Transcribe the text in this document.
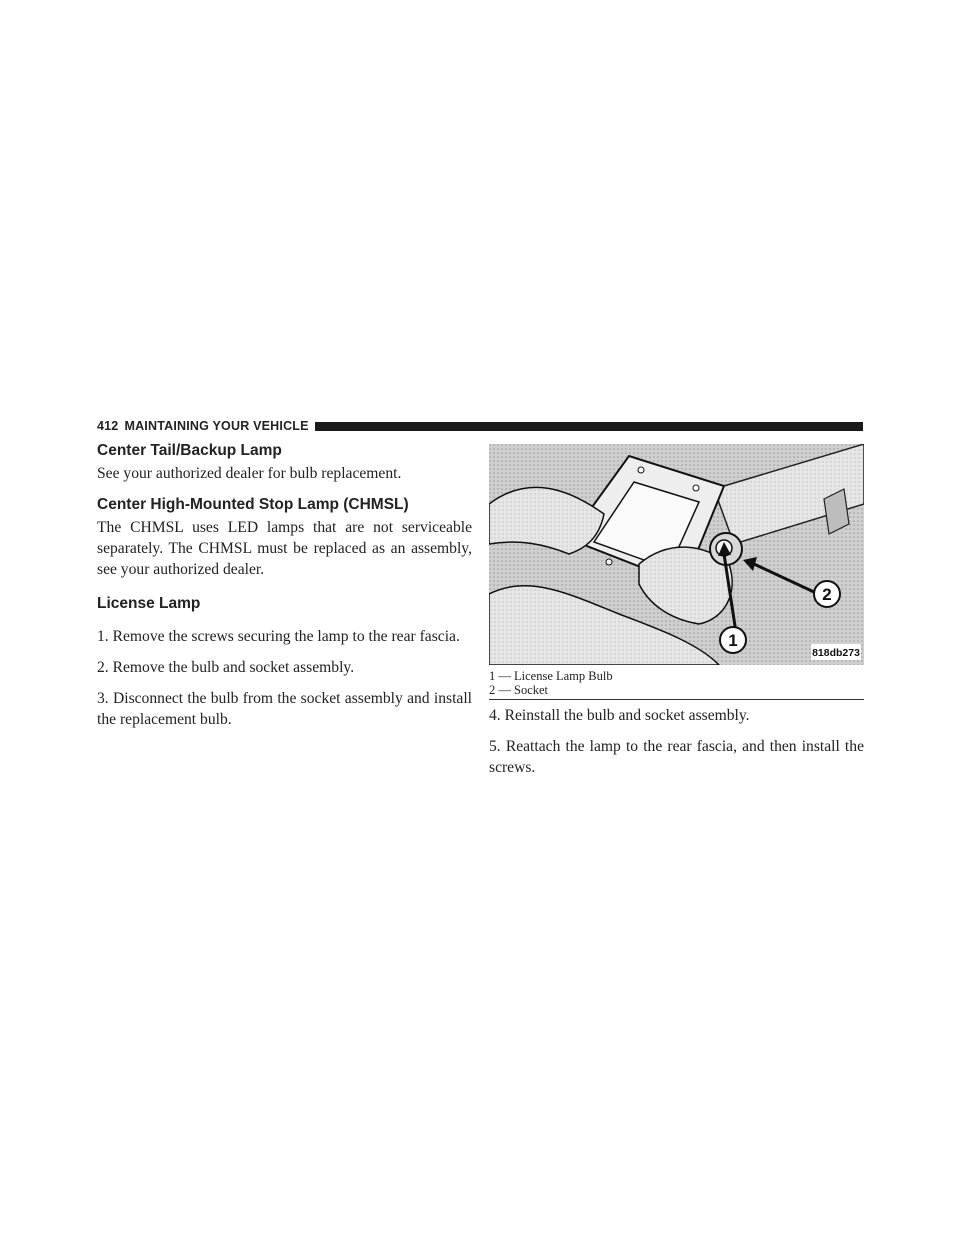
412 MAINTAINING YOUR VEHICLE
Center Tail/Backup Lamp

See your authorized dealer for bulb replacement.

Center High-Mounted Stop Lamp (CHMSL)

The CHMSL uses LED lamps that are not serviceable separately. The CHMSL must be replaced as an assembly, see your authorized dealer.

License Lamp

1. Remove the screws securing the lamp to the rear fascia.

2. Remove the bulb and socket assembly.

3. Disconnect the bulb from the socket assembly and install the replacement bulb.

1
2
818db273
1 — License Lamp Bulb
2 — Socket

4. Reinstall the bulb and socket assembly.

5. Reattach the lamp to the rear fascia, and then install the screws.
